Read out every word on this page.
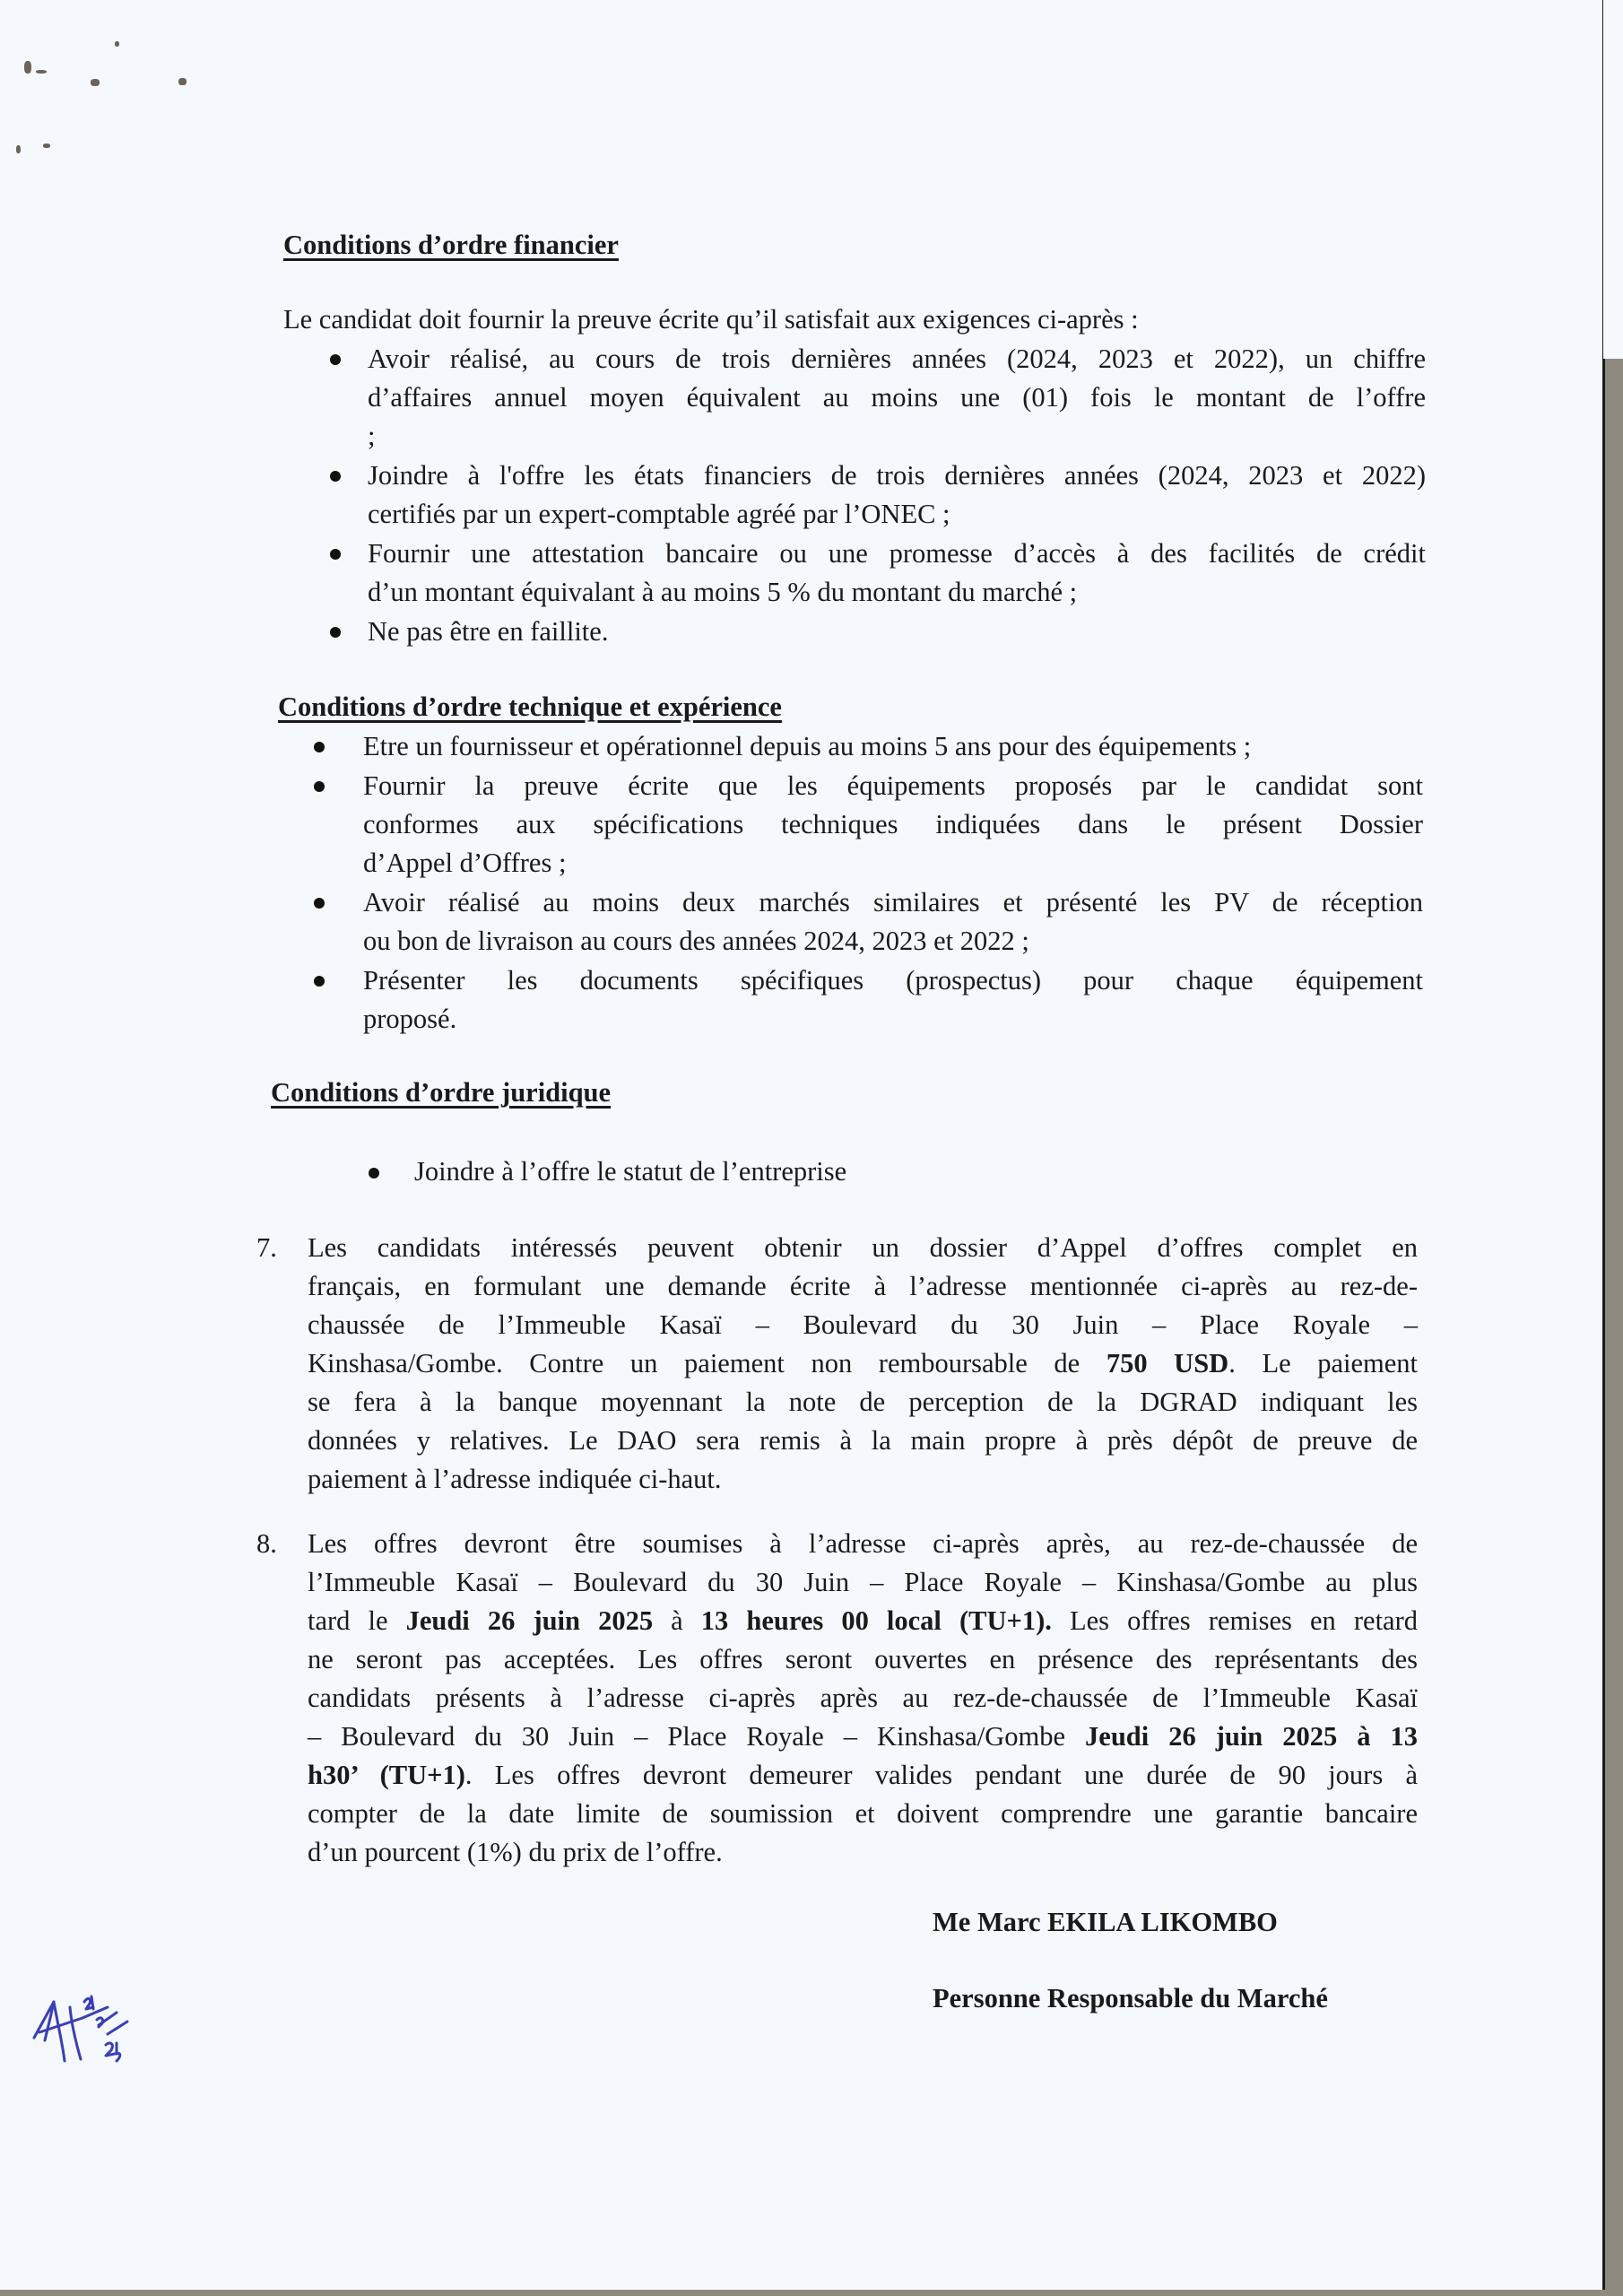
Conditions d’ordre financier
Le candidat doit fournir la preuve écrite qu’il satisfait aux exigences ci-après :
Avoir réalisé, au cours de trois dernières années (2024, 2023 et 2022), un chiffre
d’affaires annuel moyen équivalent au moins une (01) fois le montant de l’offre
;
Joindre à l'offre les états financiers de trois dernières années (2024, 2023 et 2022)
certifiés par un expert-comptable agréé par l’ONEC ;
Fournir une attestation bancaire ou une promesse d’accès à des facilités de crédit
d’un montant équivalant à au moins 5 % du montant du marché ;
Ne pas être en faillite.
Conditions d’ordre technique et expérience
Etre un fournisseur et opérationnel depuis au moins 5 ans pour des équipements ;
Fournir la preuve écrite que les équipements proposés par le candidat sont
conformes aux spécifications techniques indiquées dans le présent Dossier
d’Appel d’Offres ;
Avoir réalisé au moins deux marchés similaires et présenté les PV de réception
ou bon de livraison au cours des années 2024, 2023 et 2022 ;
Présenter les documents spécifiques (prospectus) pour chaque équipement
proposé.
Conditions d’ordre juridique
Joindre à l’offre le statut de l’entreprise
7. Les candidats intéressés peuvent obtenir un dossier d’Appel d’offres complet en
français, en formulant une demande écrite à l’adresse mentionnée ci-après au rez-de-
chaussée de l’Immeuble Kasaï – Boulevard du 30 Juin – Place Royale –
Kinshasa/Gombe. Contre un paiement non remboursable de 750 USD. Le paiement
se fera à la banque moyennant la note de perception de la DGRAD indiquant les
données y relatives. Le DAO sera remis à la main propre à près dépôt de preuve de
paiement à l’adresse indiquée ci-haut.
8. Les offres devront être soumises à l’adresse ci-après après, au rez-de-chaussée de
l’Immeuble Kasaï – Boulevard du 30 Juin – Place Royale – Kinshasa/Gombe au plus
tard le Jeudi 26 juin 2025 à 13 heures 00 local (TU+1). Les offres remises en retard
ne seront pas acceptées. Les offres seront ouvertes en présence des représentants des
candidats présents à l’adresse ci-après après au rez-de-chaussée de l’Immeuble Kasaï
– Boulevard du 30 Juin – Place Royale – Kinshasa/Gombe Jeudi 26 juin 2025 à 13
h30’ (TU+1). Les offres devront demeurer valides pendant une durée de 90 jours à
compter de la date limite de soumission et doivent comprendre une garantie bancaire
d’un pourcent (1%) du prix de l’offre.
Me Marc EKILA LIKOMBO
Personne Responsable du Marché
